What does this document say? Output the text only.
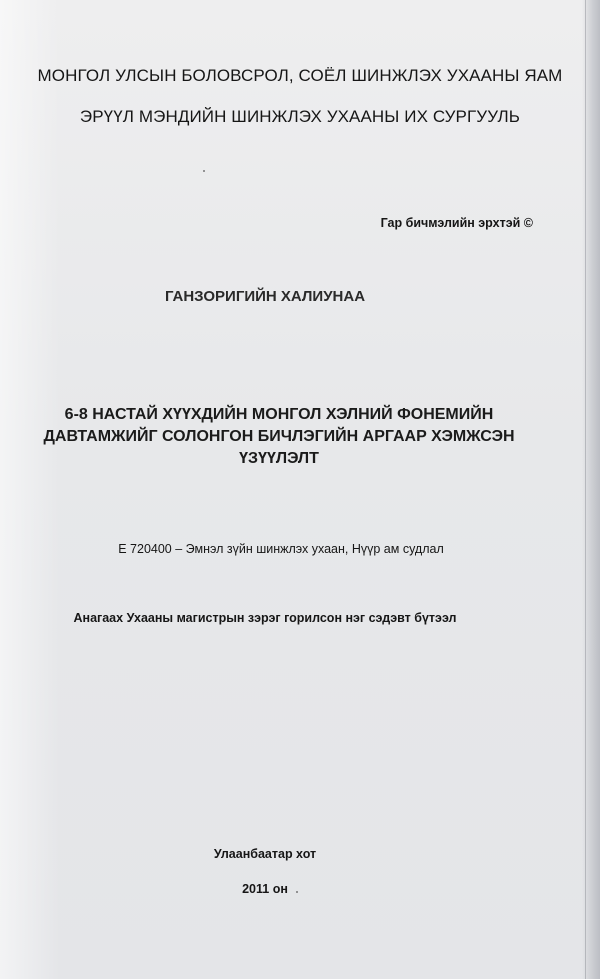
МОНГОЛ УЛСЫН БОЛОВСРОЛ, СОЁЛ ШИНЖЛЭХ УХААНЫ ЯАМ

ЭРҮҮЛ МЭНДИЙН ШИНЖЛЭХ УХААНЫ ИХ СУРГУУЛЬ

Гар бичмэлийн эрхтэй ©

ГАНЗОРИГИЙН ХАЛИУНАА

6-8 НАСТАЙ ХҮҮХДИЙН МОНГОЛ ХЭЛНИЙ ФОНЕМИЙН
ДАВТАМЖИЙГ СОЛОНГОН БИЧЛЭГИЙН АРГААР ХЭМЖСЭН
ҮЗҮҮЛЭЛТ

Е 720400 – Эмнэл зүйн шинжлэх ухаан, Нүүр ам судлал

Анагаах Ухааны магистрын зэрэг горилсон нэг сэдэвт бүтээл

Улаанбаатар хот

2011 он
